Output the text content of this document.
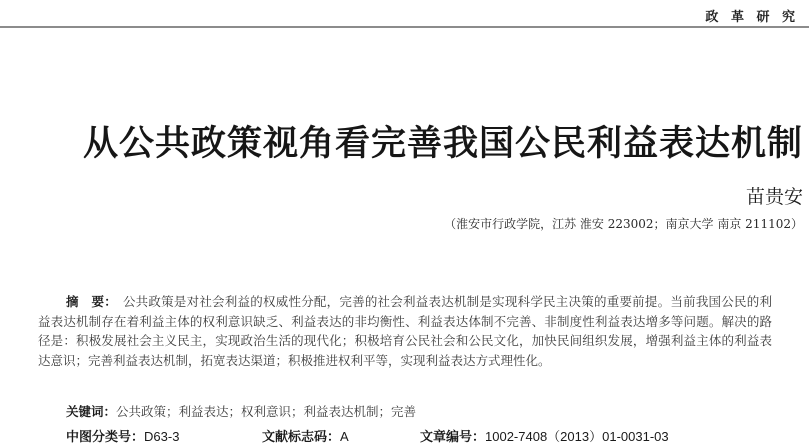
政 革 研 究
从公共政策视角看完善我国公民利益表达机制
苗贵安
（淮安市行政学院，江苏 淮安 223002；南京大学 南京 211102）
摘　要： 公共政策是对社会利益的权威性分配，完善的社会利益表达机制是实现科学民主决策的重要前提。当前我国公民的利益表达机制存在着利益主体的权利意识缺乏、利益表达的非均衡性、利益表达体制不完善、非制度性利益表达增多等问题。解决的路径是：积极发展社会主义民主，实现政治生活的现代化；积极培育公民社会和公民文化，加快民间组织发展，增强利益主体的利益表达意识；完善利益表达机制，拓宽表达渠道；积极推进权利平等，实现利益表达方式理性化。
关键词：公共政策；利益表达；权利意识；利益表达机制；完善
中图分类号：D63-3	文献标志码：A	文章编号：1002-7408（2013）01-0031-03
